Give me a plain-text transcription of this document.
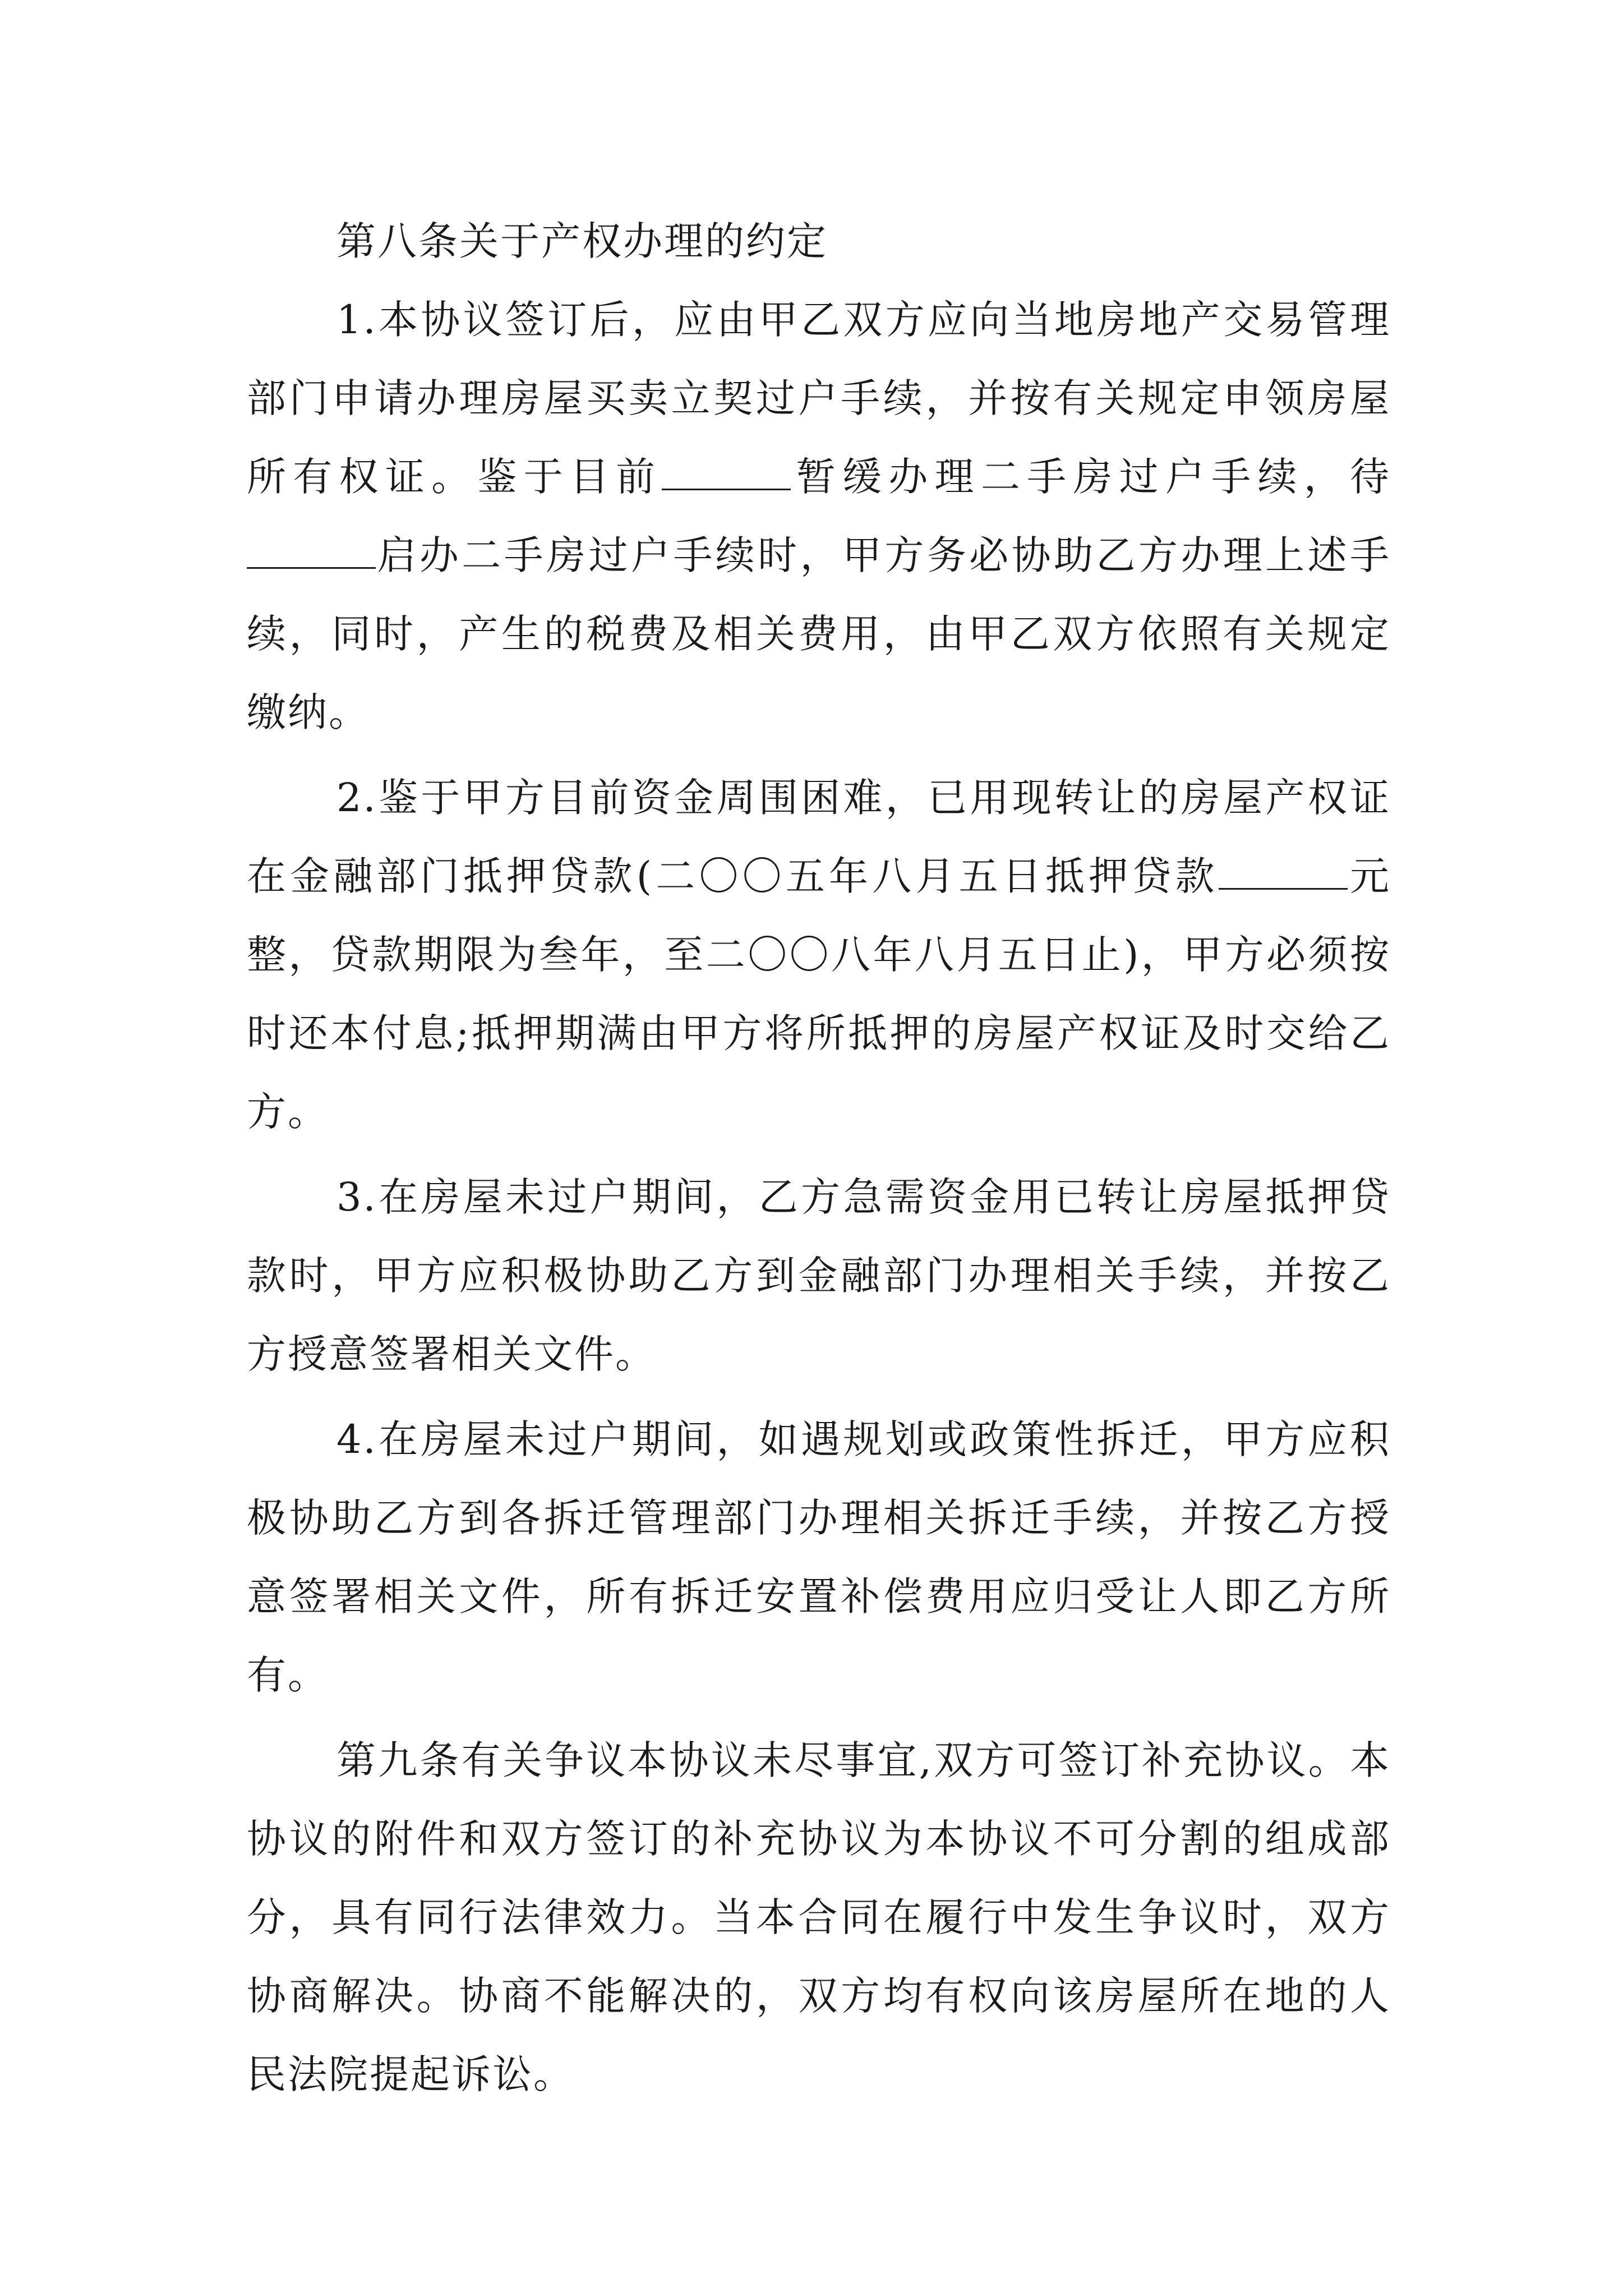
第八条关于产权办理的约定

1.本协议签订后，应由甲乙双方应向当地房地产交易管理部门申请办理房屋买卖立契过户手续，并按有关规定申领房屋所有权证。鉴于目前	暂缓办理二手房过户手续，待启办二手房过户手续时，甲方务必协助乙方办理上述手续，同时，产生的税费及相关费用，由甲乙双方依照有关规定缴纳。

2.鉴于甲方目前资金周围困难，已用现转让的房屋产权证在金融部门抵押贷款(二〇〇五年八月五日抵押贷款	元整，贷款期限为叁年，至二〇〇八年八月五日止)，甲方必须按时还本付息;抵押期满由甲方将所抵押的房屋产权证及时交给乙方。

3.在房屋未过户期间，乙方急需资金用已转让房屋抵押贷款时，甲方应积极协助乙方到金融部门办理相关手续，并按乙方授意签署相关文件。

4.在房屋未过户期间，如遇规划或政策性拆迁，甲方应积极协助乙方到各拆迁管理部门办理相关拆迁手续，并按乙方授意签署相关文件，所有拆迁安置补偿费用应归受让人即乙方所有。

第九条有关争议本协议未尽事宜,双方可签订补充协议。本协议的附件和双方签订的补充协议为本协议不可分割的组成部分，具有同行法律效力。当本合同在履行中发生争议时，双方协商解决。协商不能解决的，双方均有权向该房屋所在地的人民法院提起诉讼。
